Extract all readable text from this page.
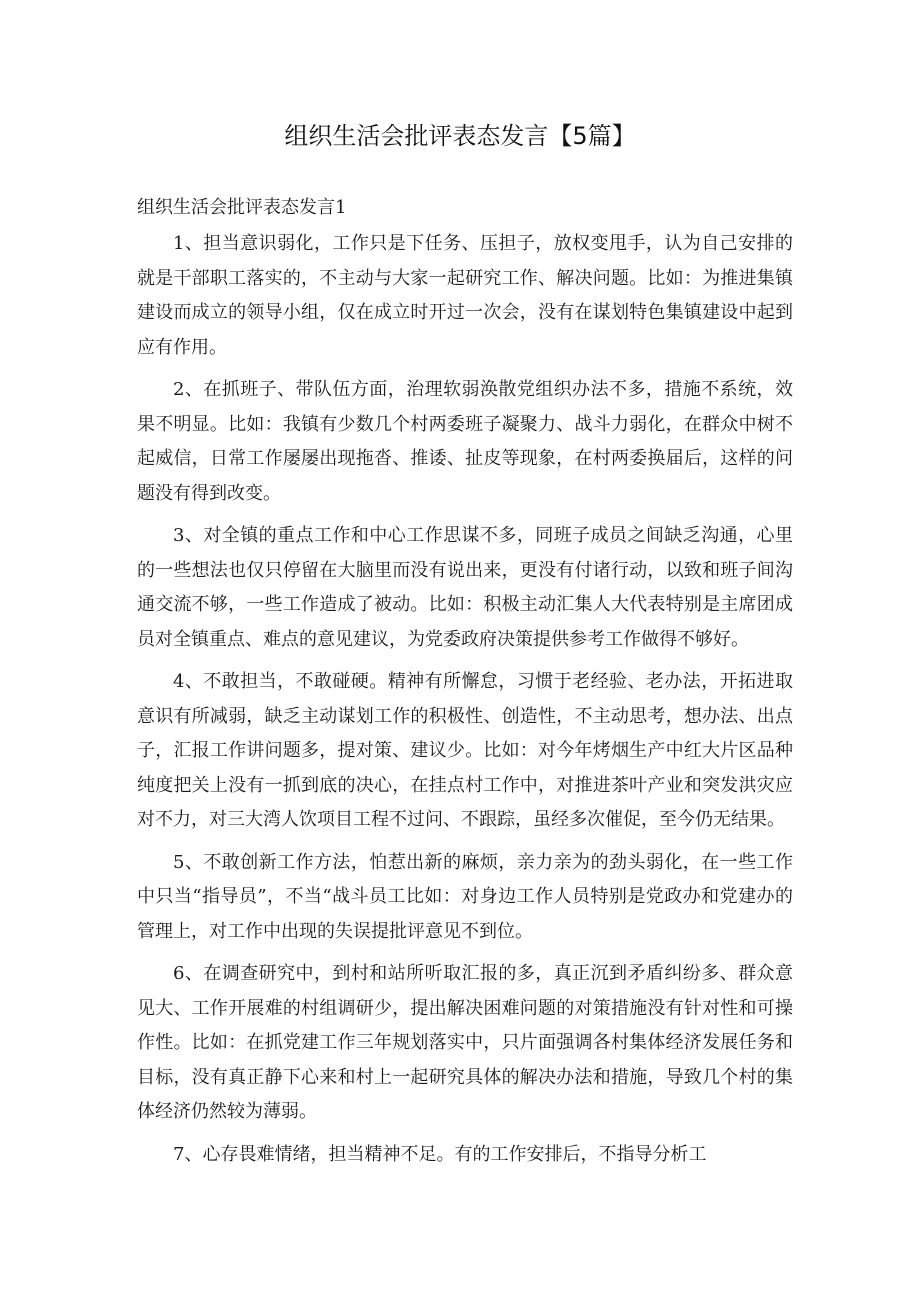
组织生活会批评表态发言【5篇】

组织生活会批评表态发言1

1、担当意识弱化，工作只是下任务、压担子，放权变甩手，认为自己安排的就是干部职工落实的，不主动与大家一起研究工作、解决问题。比如：为推进集镇建设而成立的领导小组，仅在成立时开过一次会，没有在谋划特色集镇建设中起到应有作用。

2、在抓班子、带队伍方面，治理软弱涣散党组织办法不多，措施不系统，效果不明显。比如：我镇有少数几个村两委班子凝聚力、战斗力弱化，在群众中树不起威信，日常工作屡屡出现拖沓、推诿、扯皮等现象，在村两委换届后，这样的问题没有得到改变。

3、对全镇的重点工作和中心工作思谋不多，同班子成员之间缺乏沟通，心里的一些想法也仅只停留在大脑里而没有说出来，更没有付诸行动，以致和班子间沟通交流不够，一些工作造成了被动。比如：积极主动汇集人大代表特别是主席团成员对全镇重点、难点的意见建议，为党委政府决策提供参考工作做得不够好。

4、不敢担当，不敢碰硬。精神有所懈怠，习惯于老经验、老办法，开拓进取意识有所减弱，缺乏主动谋划工作的积极性、创造性，不主动思考，想办法、出点子，汇报工作讲问题多，提对策、建议少。比如：对今年烤烟生产中红大片区品种纯度把关上没有一抓到底的决心，在挂点村工作中，对推进茶叶产业和突发洪灾应对不力，对三大湾人饮项目工程不过问、不跟踪，虽经多次催促，至今仍无结果。

5、不敢创新工作方法，怕惹出新的麻烦，亲力亲为的劲头弱化，在一些工作中只当“指导员”，不当“战斗员工比如：对身边工作人员特别是党政办和党建办的管理上，对工作中出现的失误提批评意见不到位。

6、在调查研究中，到村和站所听取汇报的多，真正沉到矛盾纠纷多、群众意见大、工作开展难的村组调研少，提出解决困难问题的对策措施没有针对性和可操作性。比如：在抓党建工作三年规划落实中，只片面强调各村集体经济发展任务和目标，没有真正静下心来和村上一起研究具体的解决办法和措施，导致几个村的集体经济仍然较为薄弱。

7、心存畏难情绪，担当精神不足。有的工作安排后，不指导分析工
